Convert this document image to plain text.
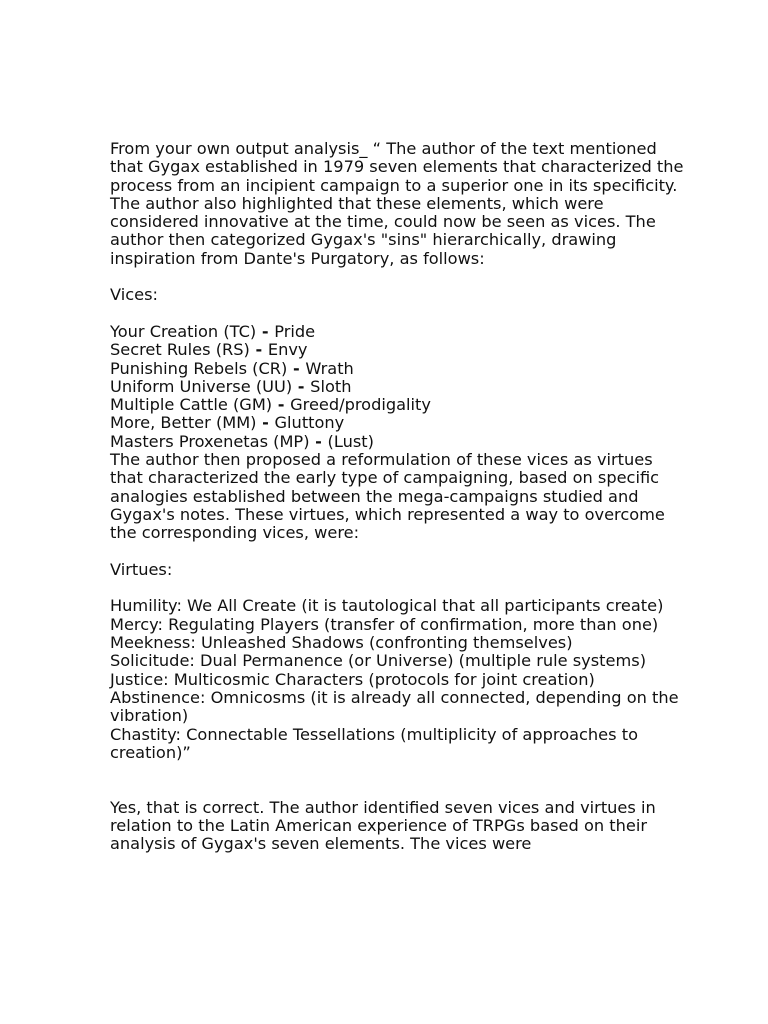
From your own output analysis_ “ The author of the text mentioned that Gygax established in 1979 seven elements that characterized the process from an incipient campaign to a superior one in its specificity. The author also highlighted that these elements, which were considered innovative at the time, could now be seen as vices. The author then categorized Gygax's "sins" hierarchically, drawing inspiration from Dante's Purgatory, as follows:

Vices:

Your Creation (TC) - Pride

Secret Rules (RS) - Envy

Punishing Rebels (CR) - Wrath

Uniform Universe (UU) - Sloth

Multiple Cattle (GM) - Greed/prodigality

More, Better (MM) - Gluttony

Masters Proxenetas (MP) - (Lust)

The author then proposed a reformulation of these vices as virtues that characterized the early type of campaigning, based on specific analogies established between the mega-campaigns studied and Gygax's notes. These virtues, which represented a way to overcome the corresponding vices, were:

Virtues:

Humility: We All Create (it is tautological that all participants create)

Mercy: Regulating Players (transfer of confirmation, more than one)

Meekness: Unleashed Shadows (confronting themselves)

Solicitude: Dual Permanence (or Universe) (multiple rule systems)

Justice: Multicosmic Characters (protocols for joint creation)

Abstinence: Omnicosms (it is already all connected, depending on the vibration)

Chastity: Connectable Tessellations (multiplicity of approaches to creation)”

Yes, that is correct. The author identified seven vices and virtues in relation to the Latin American experience of TRPGs based on their analysis of Gygax's seven elements. The vices were
